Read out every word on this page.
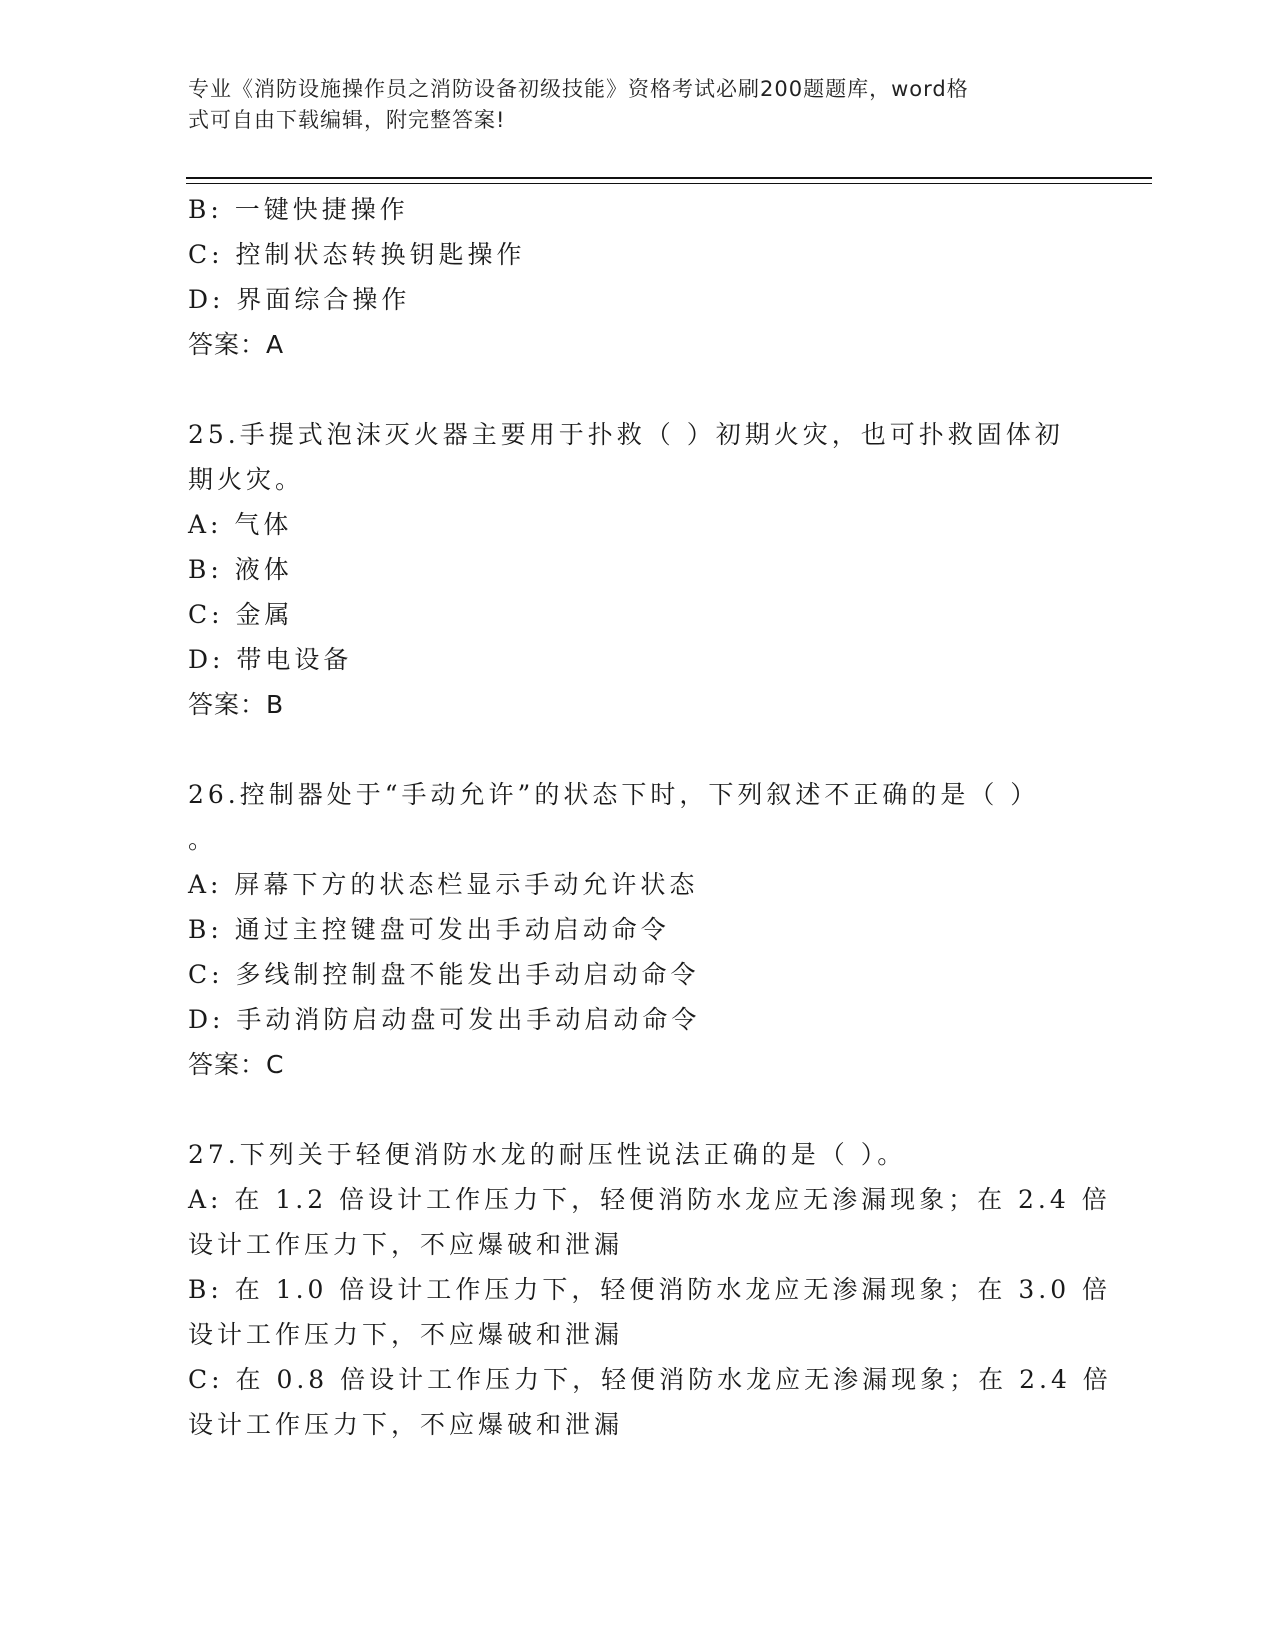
专业《消防设施操作员之消防设备初级技能》资格考试必刷200题题库，word格
式可自由下载编辑，附完整答案!
B: 一键快捷操作
C: 控制状态转换钥匙操作
D: 界面综合操作
答案：A
25.手提式泡沫灭火器主要用于扑救（ ）初期火灾，也可扑救固体初
期火灾。
A: 气体
B: 液体
C: 金属
D: 带电设备
答案：B
26.控制器处于“手动允许”的状态下时，下列叙述不正确的是（ ）
。
A: 屏幕下方的状态栏显示手动允许状态
B: 通过主控键盘可发出手动启动命令
C: 多线制控制盘不能发出手动启动命令
D: 手动消防启动盘可发出手动启动命令
答案：C
27.下列关于轻便消防水龙的耐压性说法正确的是（ ）。
A: 在 1.2 倍设计工作压力下，轻便消防水龙应无渗漏现象；在 2.4 倍
设计工作压力下，不应爆破和泄漏
B: 在 1.0 倍设计工作压力下，轻便消防水龙应无渗漏现象；在 3.0 倍
设计工作压力下，不应爆破和泄漏
C: 在 0.8 倍设计工作压力下，轻便消防水龙应无渗漏现象；在 2.4 倍
设计工作压力下，不应爆破和泄漏
